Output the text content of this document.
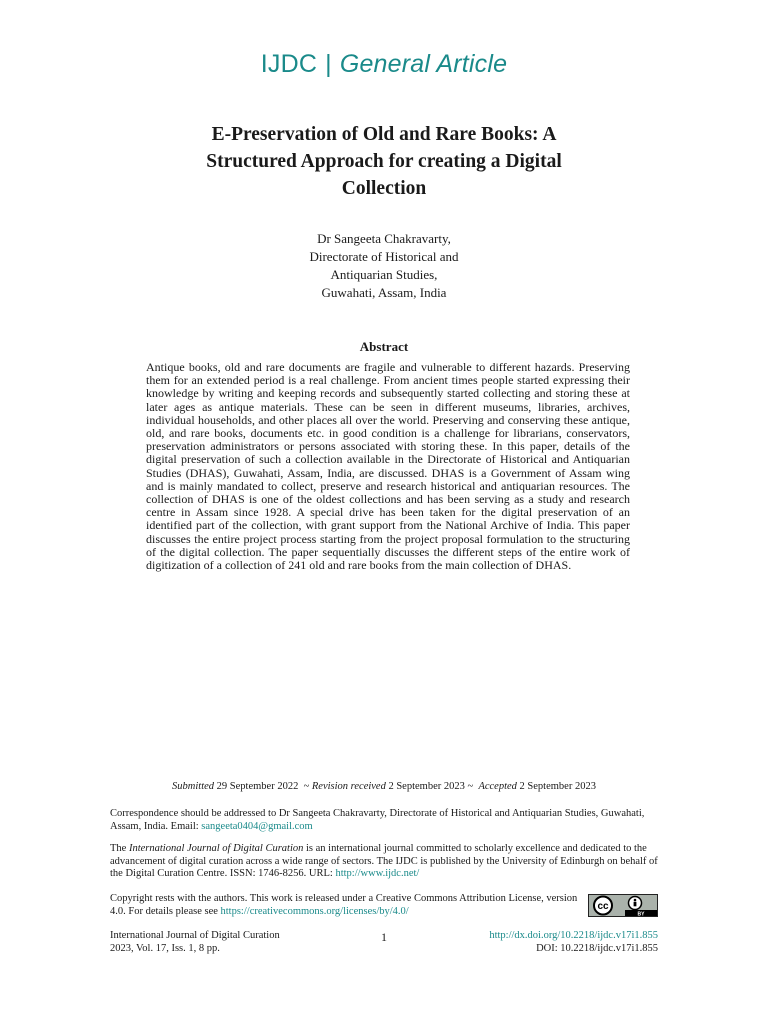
IJDC | General Article
E-Preservation of Old and Rare Books: A
Structured Approach for creating a Digital
Collection
Dr Sangeeta Chakravarty,
Directorate of Historical and
Antiquarian Studies,
Guwahati, Assam, India
Abstract

Antique books, old and rare documents are fragile and vulnerable to different hazards. Preserving them for an extended period is a real challenge. From ancient times people started expressing their knowledge by writing and keeping records and subsequently started collecting and storing these at later ages as antique materials. These can be seen in different museums, libraries, archives, individual households, and other places all over the world. Preserving and conserving these antique, old, and rare books, documents etc. in good condition is a challenge for librarians, conservators, preservation administrators or persons associated with storing these. In this paper, details of the digital preservation of such a collection available in the Directorate of Historical and Antiquarian Studies (DHAS), Guwahati, Assam, India, are discussed. DHAS is a Government of Assam wing and is mainly mandated to collect, preserve and research historical and antiquarian resources. The collection of DHAS is one of the oldest collections and has been serving as a study and research centre in Assam since 1928. A special drive has been taken for the digital preservation of an identified part of the collection, with grant support from the National Archive of India. This paper discusses the entire project process starting from the project proposal formulation to the structuring of the digital collection. The paper sequentially discusses the different steps of the entire work of digitization of a collection of 241 old and rare books from the main collection of DHAS.

Submitted 29 September 2022 ~ Revision received 2 September 2023 ~ Accepted 2 September 2023
Correspondence should be addressed to Dr Sangeeta Chakravarty, Directorate of Historical and Antiquarian Studies, Guwahati, Assam, India. Email: sangeeta0404@gmail.com
The International Journal of Digital Curation is an international journal committed to scholarly excellence and dedicated to the advancement of digital curation across a wide range of sectors. The IJDC is published by the University of Edinburgh on behalf of the Digital Curation Centre. ISSN: 1746-8256. URL: http://www.ijdc.net/
Copyright rests with the authors. This work is released under a Creative Commons Attribution License, version 4.0. For details please see https://creativecommons.org/licenses/by/4.0/	cc
BY
International Journal of Digital Curation
2023, Vol. 17, Iss. 1, 8 pp.
1	http://dx.doi.org/10.2218/ijdc.v17i1.855
DOI: 10.2218/ijdc.v17i1.855
